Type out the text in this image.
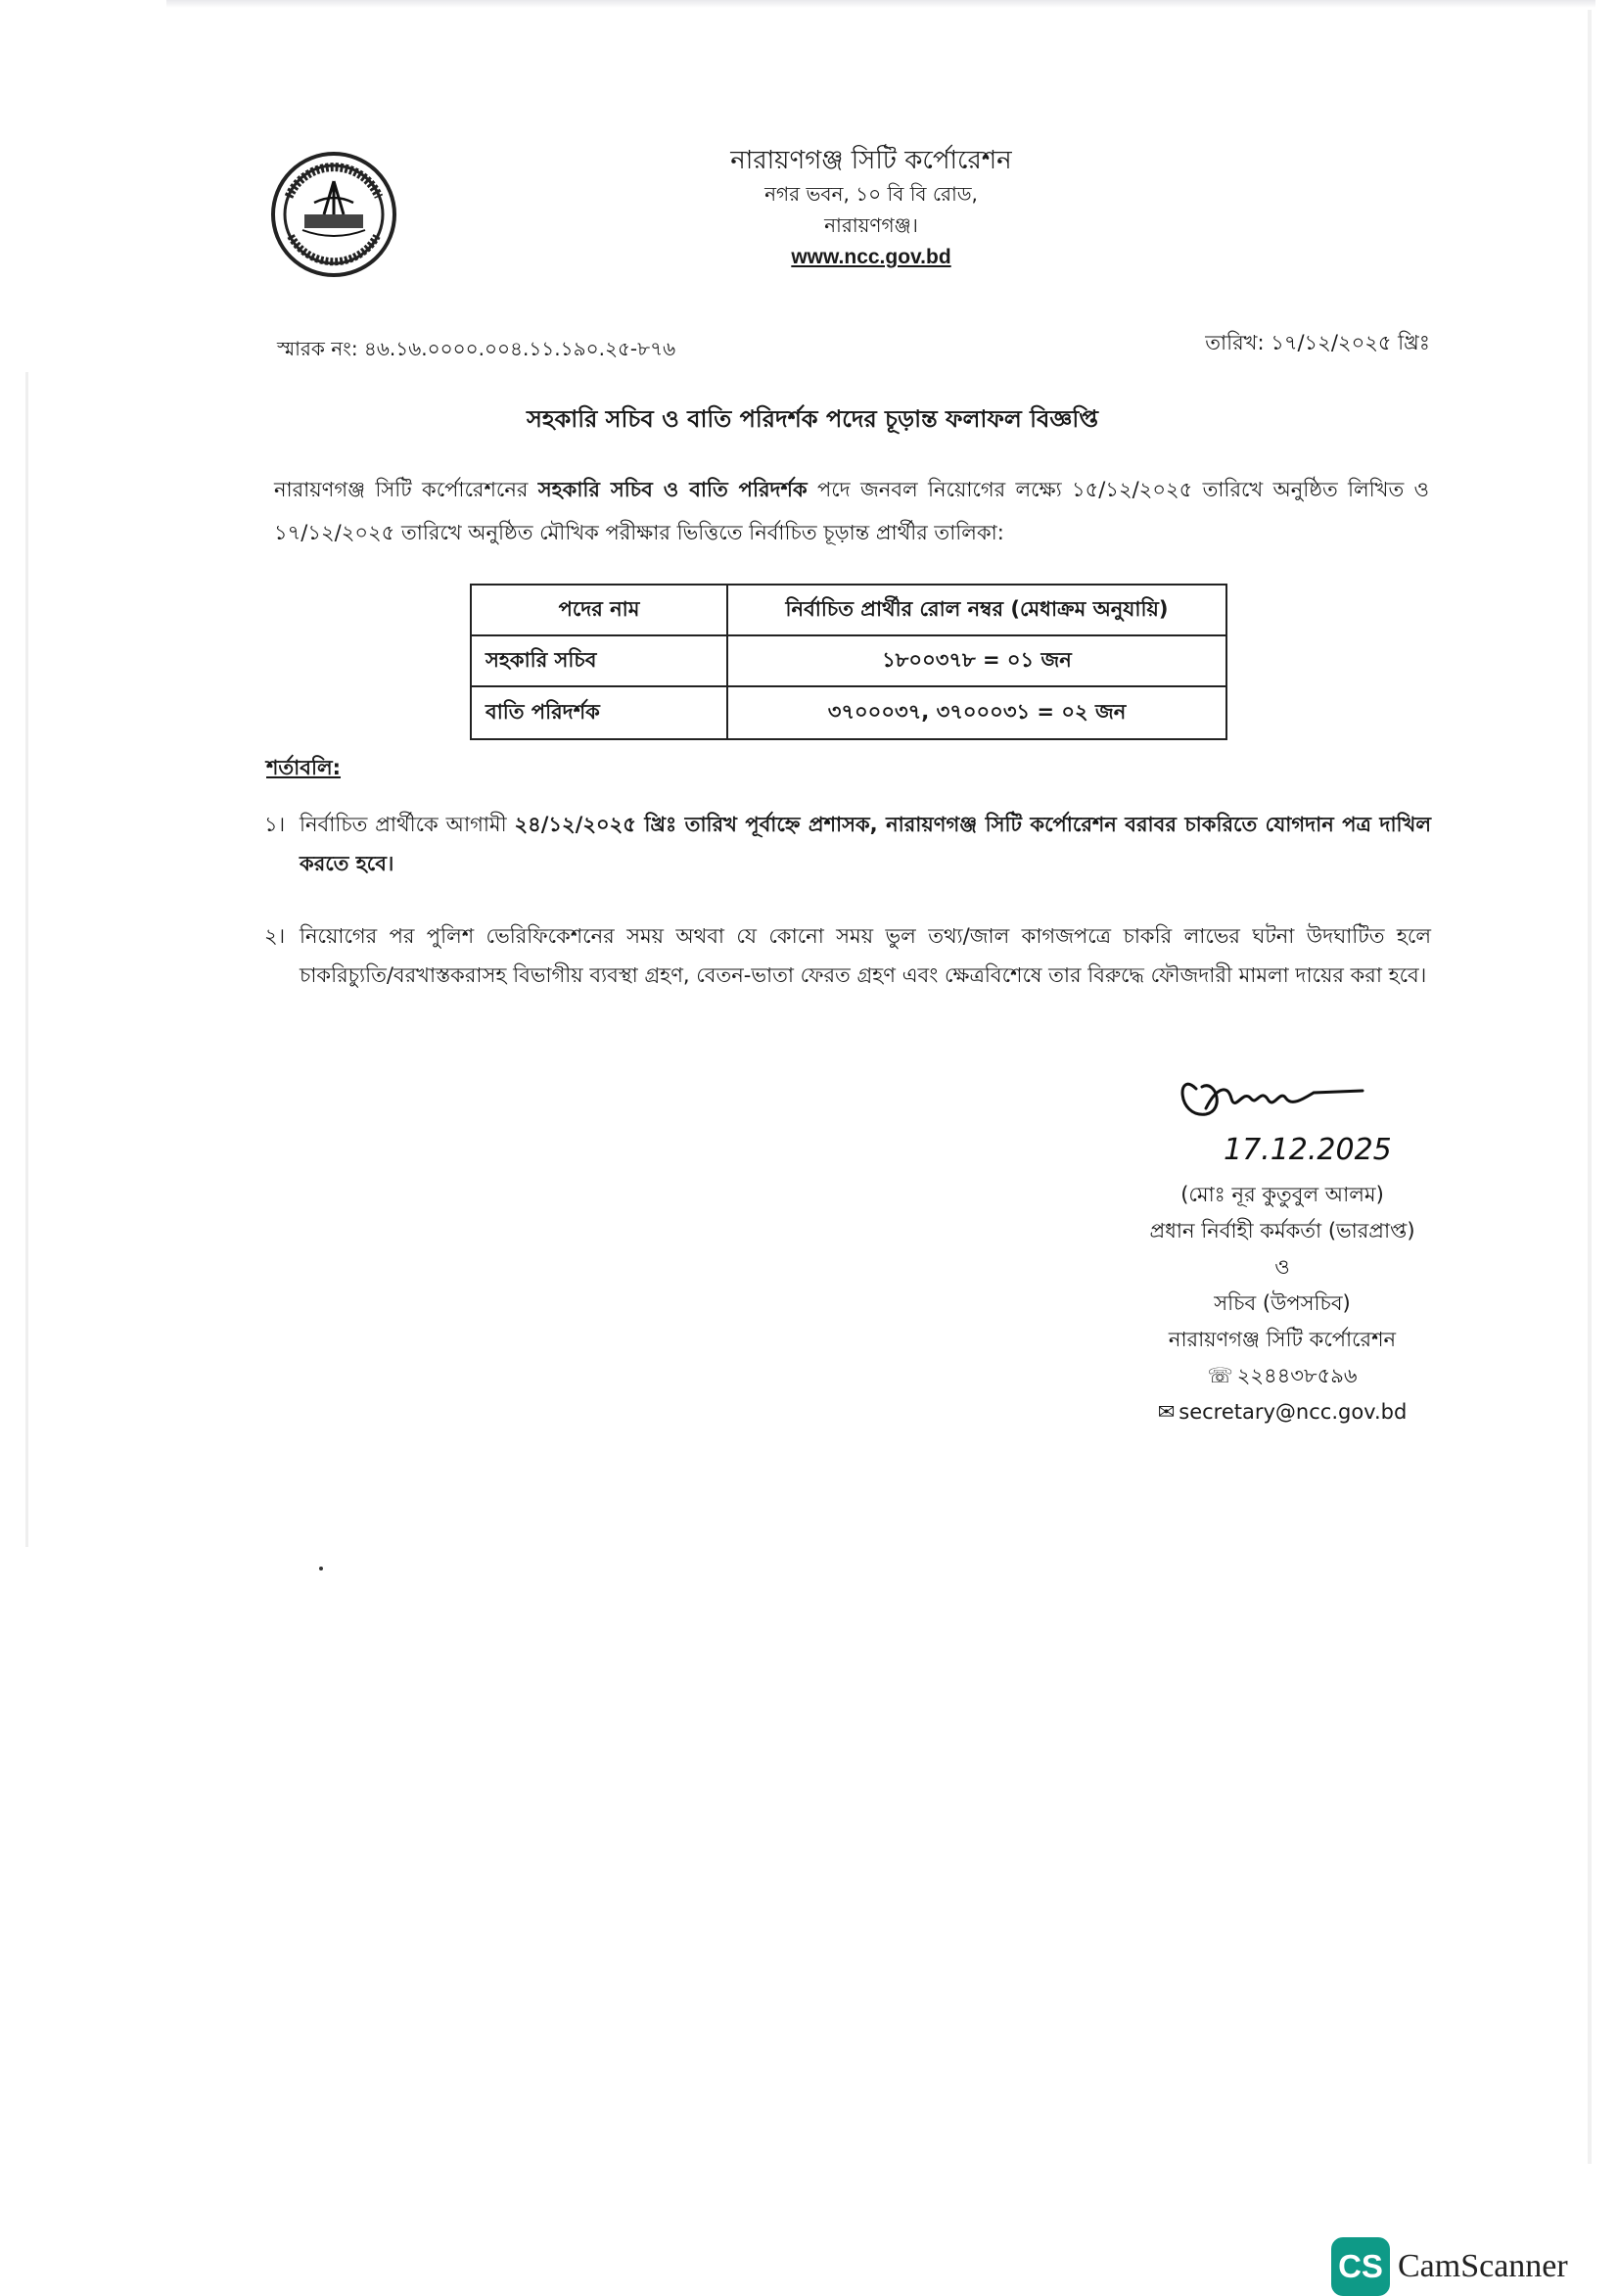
নারায়ণগঞ্জ সিটি কর্পোরেশন
নগর ভবন, ১০ বি বি রোড,
নারায়ণগঞ্জ।
www.ncc.gov.bd
স্মারক নং: ৪৬.১৬.০০০০.০০৪.১১.১৯০.২৫-৮৭৬	তারিখ: ১৭/১২/২০২৫ খ্রিঃ
সহকারি সচিব ও বাতি পরিদর্শক পদের চূড়ান্ত ফলাফল বিজ্ঞপ্তি
নারায়ণগঞ্জ সিটি কর্পোরেশনের সহকারি সচিব ও বাতি পরিদর্শক পদে জনবল নিয়োগের লক্ষ্যে ১৫/১২/২০২৫ তারিখে অনুষ্ঠিত লিখিত ও ১৭/১২/২০২৫ তারিখে অনুষ্ঠিত মৌখিক পরীক্ষার ভিত্তিতে নির্বাচিত চূড়ান্ত প্রার্থীর তালিকা:
পদের নাম	নির্বাচিত প্রার্থীর রোল নম্বর (মেধাক্রম অনুযায়ি)
সহকারি সচিব	১৮০০৩৭৮ = ০১ জন
বাতি পরিদর্শক	৩৭০০০৩৭, ৩৭০০০৩১ = ০২ জন
শর্তাবলি:
১। নির্বাচিত প্রার্থীকে আগামী ২৪/১২/২০২৫ খ্রিঃ তারিখ পূর্বাহ্নে প্রশাসক, নারায়ণগঞ্জ সিটি কর্পোরেশন বরাবর চাকরিতে যোগদান পত্র দাখিল করতে হবে।
২। নিয়োগের পর পুলিশ ভেরিফিকেশনের সময় অথবা যে কোনো সময় ভুল তথ্য/জাল কাগজপত্রে চাকরি লাভের ঘটনা উদঘাটিত হলে চাকরিচ্যুতি/বরখাস্তকরাসহ বিভাগীয় ব্যবস্থা গ্রহণ, বেতন-ভাতা ফেরত গ্রহণ এবং ক্ষেত্রবিশেষে তার বিরুদ্ধে ফৌজদারী মামলা দায়ের করা হবে।
17.12.2025
(মোঃ নূর কুতুবুল আলম)
প্রধান নির্বাহী কর্মকর্তা (ভারপ্রাপ্ত)
ও
সচিব (উপসচিব)
নারায়ণগঞ্জ সিটি কর্পোরেশন
☏ ২২৪৪৩৮৫৯৬
✉ secretary@ncc.gov.bd
CS CamScanner
